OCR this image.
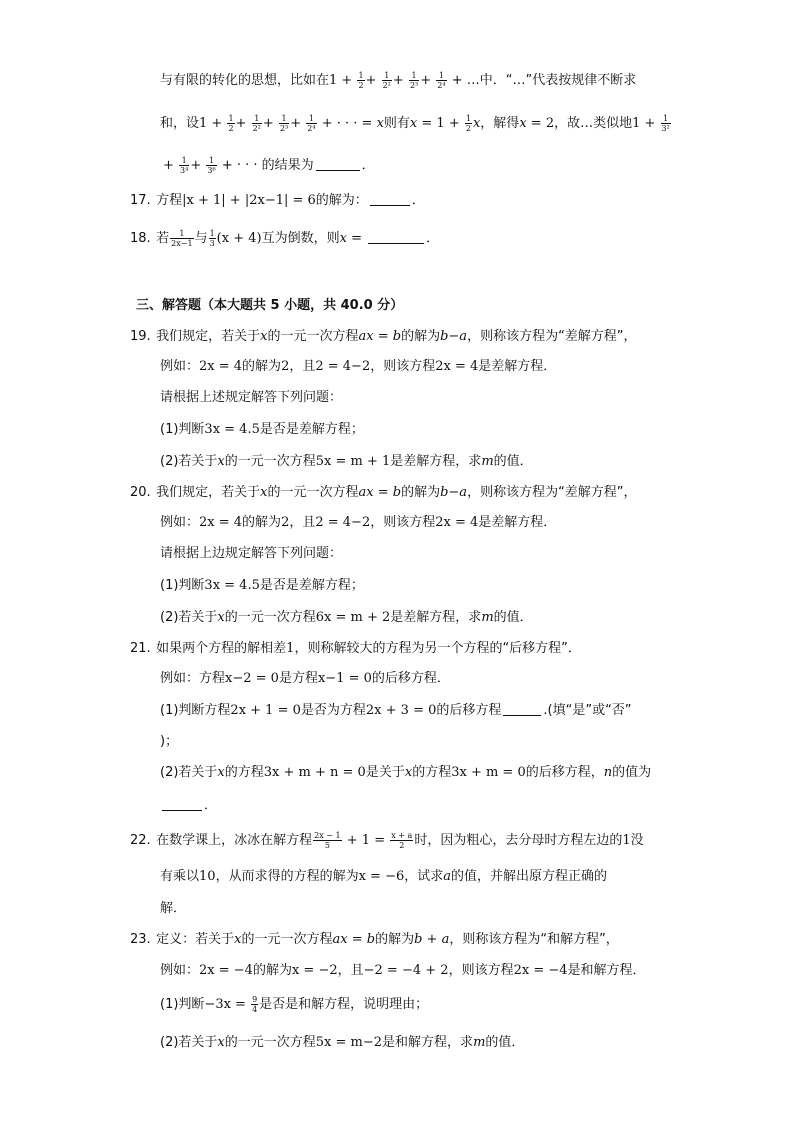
与有限的转化的思想，比如在$1 + \frac{1}{2} + \frac{1}{\text{2²}} + \frac{1}{\text{2³}} + \frac{1}{\text{2⁴}}$ + …中．“…”代表按规律不断求
和，设$1 + \frac{1}{2} + \frac{1}{\text{2²}} + \frac{1}{\text{2³}} + \frac{1}{\text{2⁴}}$ + · · · = x则有$x = 1 + \frac{1}{2}$ x，解得x = 2，故…类似地$1 + \frac{1}{\text{3²}}$
+ $\frac{1}{\text{3⁴}} + \frac{1}{\text{3⁶}}$ + · · · 的结果为	．
17. 方程|x + 1| + |2x−1| = 6的解为：	．
18. 若 $\frac{1}{2x-1}$ 与 $\frac{1}{3} (x + 4)$互为倒数，则x =	．
三、解答题（本大题共 5 小题，共 40.0 分）
19. 我们规定，若关于x的一元一次方程ax = b的解为b−a，则称该方程为“差解方程”，
例如：2x = 4的解为2，且2 = 4−2，则该方程2x = 4是差解方程．
请根据上述规定解答下列问题：
(1)判断3x = 4.5是否是差解方程；
(2)若关于x的一元一次方程5x = m + 1是差解方程，求m的值．
20. 我们规定，若关于x的一元一次方程ax = b的解为b−a，则称该方程为“差解方程”，
例如：2x = 4的解为2，且2 = 4−2，则该方程2x = 4是差解方程．
请根据上边规定解答下列问题：
(1)判断3x = 4.5是否是差解方程；
(2)若关于x的一元一次方程6x = m + 2是差解方程，求m的值．
21. 如果两个方程的解相差1，则称解较大的方程为另一个方程的“后移方程”．
例如：方程x−2 = 0是方程x−1 = 0的后移方程．
(1)判断方程2x + 1 = 0是否为方程2x + 3 = 0的后移方程	.(填“是”或“否”
)；
(2)若关于x的方程3x + m + n = 0是关于x的方程3x + m = 0的后移方程，n的值为
．
22. 在数学课上，冰冰在解方程 $\frac{2x - 1}{5} + 1 = \frac{x + a}{2}$ 时，因为粗心，去分母时方程左边的1没
有乘以10，从而求得的方程的解为x = −6，试求a的值，并解出原方程正确的
解．
23. 定义：若关于x的一元一次方程ax = b的解为b + a，则称该方程为“和解方程”，
例如：2x = −4的解为x = −2，且−2 = −4 + 2，则该方程2x = −4是和解方程．
(1)判断$-3x = \frac{9}{4}$ 是否是和解方程，说明理由；
(2)若关于x的一元一次方程5x = m−2是和解方程，求m的值．
